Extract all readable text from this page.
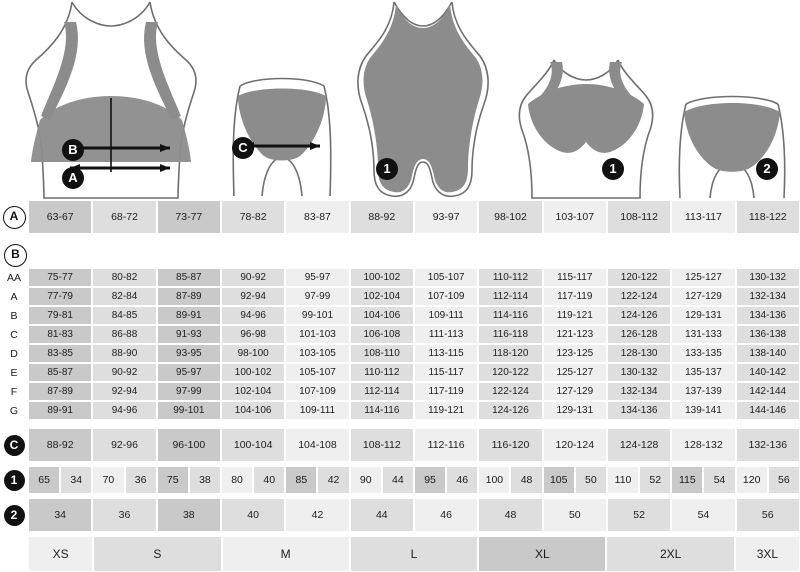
B
A
C
1	1	2
A	63-67	68-72	73-77	78-82	83-87	88-92	93-97	98-102	103-107	108-112	113-117	118-122
B
AA	75-77	80-82	85-87	90-92	95-97	100-102	105-107	110-112	115-117	120-122	125-127	130-132
A	77-79	82-84	87-89	92-94	97-99	102-104	107-109	112-114	117-119	122-124	127-129	132-134
B	79-81	84-85	89-91	94-96	99-101	104-106	109-111	114-116	119-121	124-126	129-131	134-136
C	81-83	86-88	91-93	96-98	101-103	106-108	111-113	116-118	121-123	126-128	131-133	136-138
D	83-85	88-90	93-95	98-100	103-105	108-110	113-115	118-120	123-125	128-130	133-135	138-140
E	85-87	90-92	95-97	100-102	105-107	110-112	115-117	120-122	125-127	130-132	135-137	140-142
F	87-89	92-94	97-99	102-104	107-109	112-114	117-119	122-124	127-129	132-134	137-139	142-144
G	89-91	94-96	99-101	104-106	109-111	114-116	119-121	124-126	129-131	134-136	139-141	144-146
C	88-92	92-96	96-100	100-104	104-108	108-112	112-116	116-120	120-124	124-128	128-132	132-136
1	65	34	70	36	75	38	80	40	85	42	90	44	95	46	100	48	105	50	110	52	115	54	120	56
2	34	36	38	40	42	44	46	48	50	52	54	56
XS	S	M	L	XL	2XL	3XL
